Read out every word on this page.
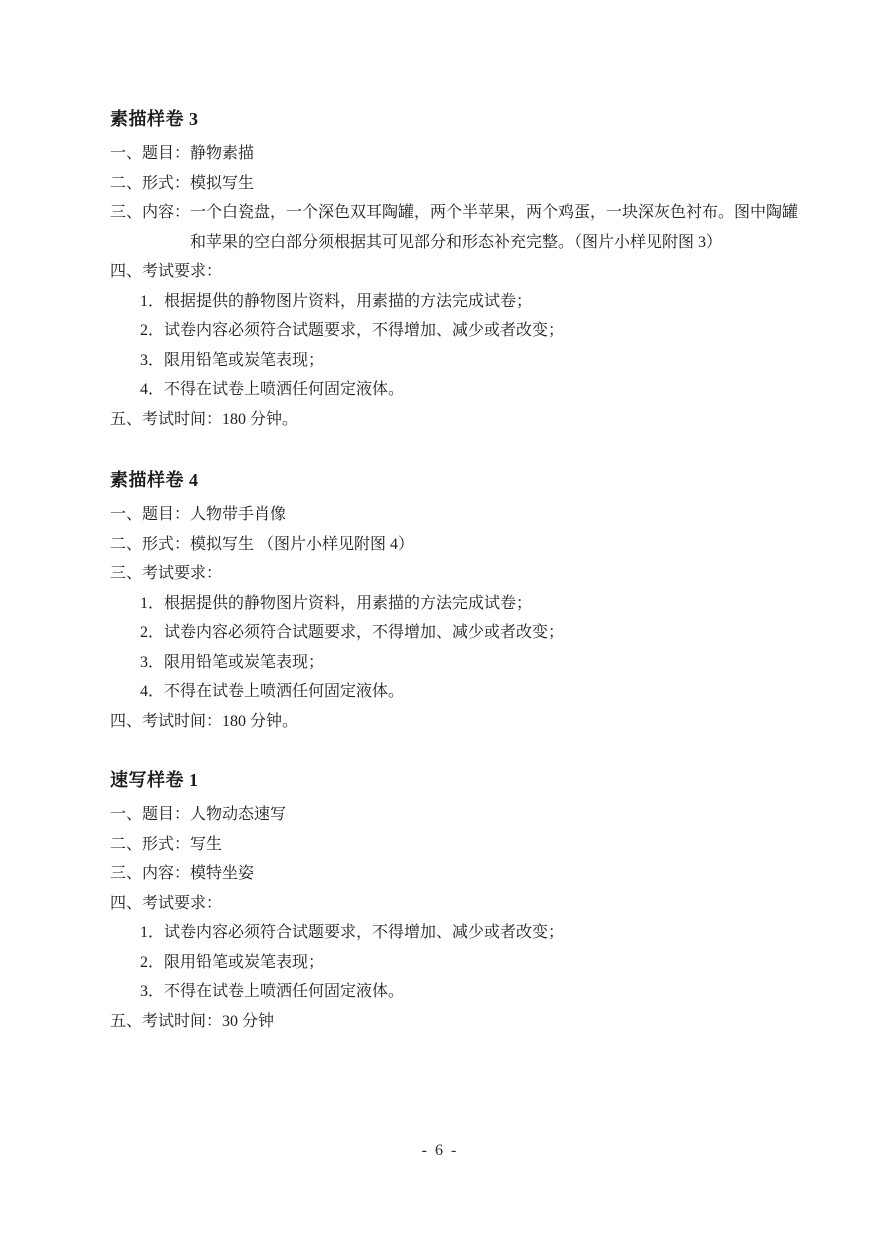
素描样卷 3

一、题目：静物素描

二、形式：模拟写生

三、内容：一个白瓷盘，一个深色双耳陶罐，两个半苹果，两个鸡蛋，一块深灰色衬布。图中陶罐

和苹果的空白部分须根据其可见部分和形态补充完整。（图片小样见附图 3）

四、考试要求：

1．根据提供的静物图片资料，用素描的方法完成试卷；

2．试卷内容必须符合试题要求，不得增加、减少或者改变；

3．限用铅笔或炭笔表现；

4．不得在试卷上喷洒任何固定液体。

五、考试时间：180 分钟。

素描样卷 4

一、题目：人物带手肖像

二、形式：模拟写生 （图片小样见附图 4）

三、考试要求：

1．根据提供的静物图片资料，用素描的方法完成试卷；

2．试卷内容必须符合试题要求，不得增加、减少或者改变；

3．限用铅笔或炭笔表现；

4．不得在试卷上喷洒任何固定液体。

四、考试时间：180 分钟。

速写样卷 1

一、题目：人物动态速写

二、形式：写生

三、内容：模特坐姿

四、考试要求：

1．试卷内容必须符合试题要求，不得增加、减少或者改变；

2．限用铅笔或炭笔表现；

3．不得在试卷上喷洒任何固定液体。

五、考试时间：30 分钟

- 6 -
